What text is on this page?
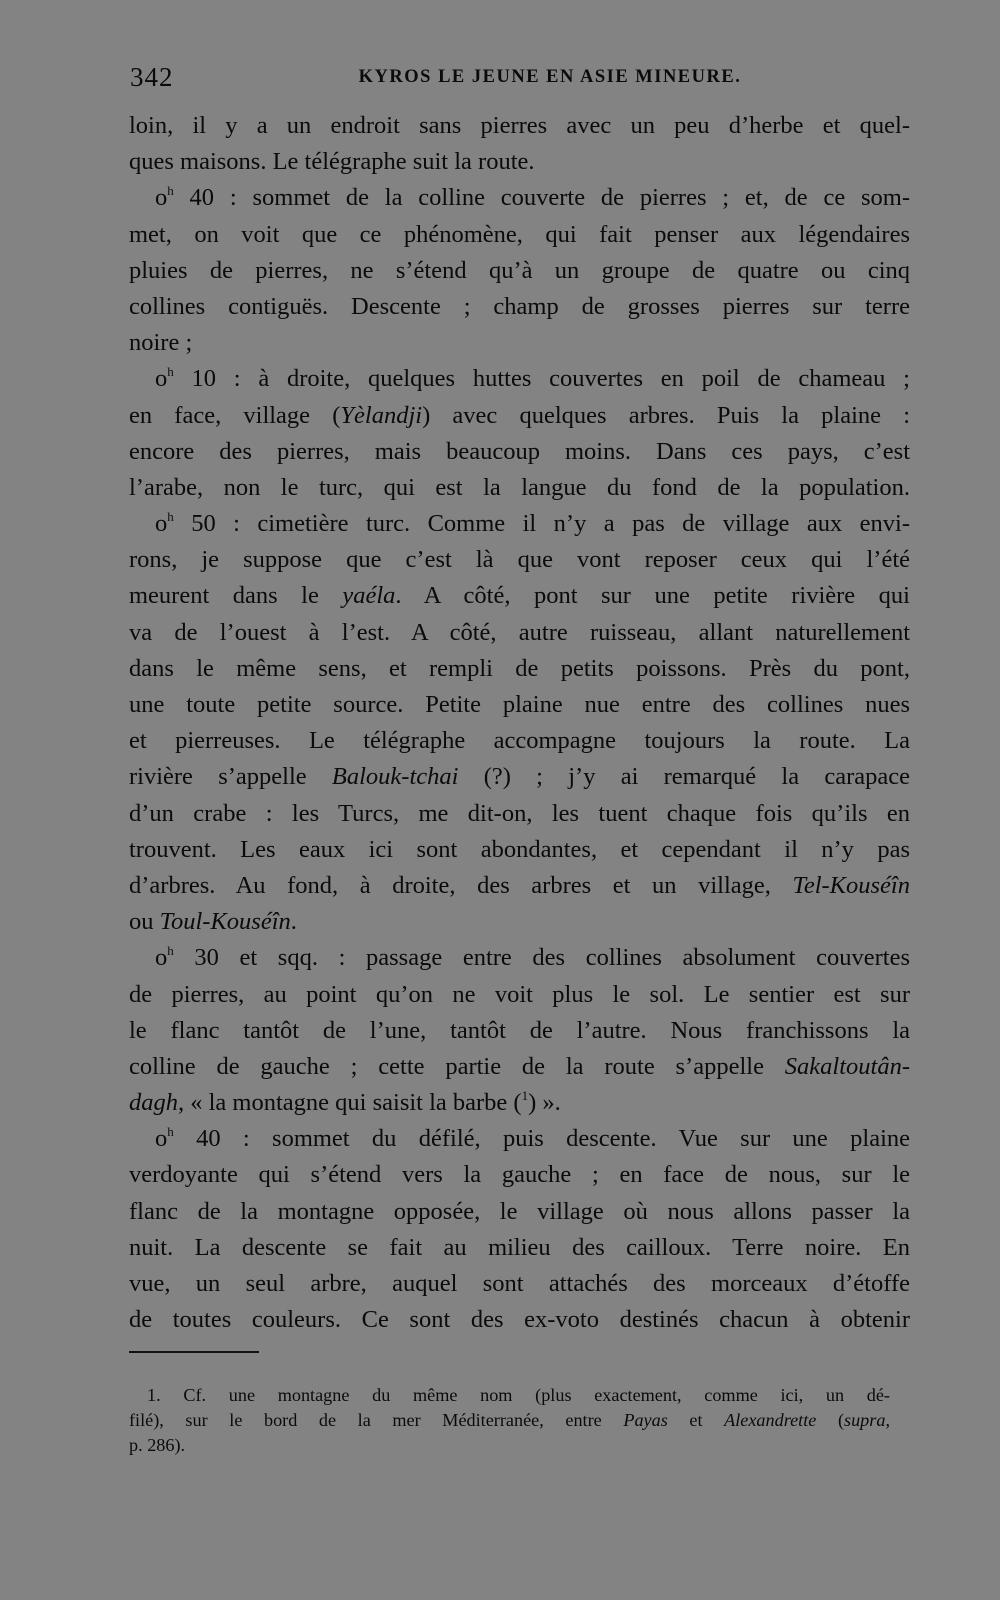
342	KYROS LE JEUNE EN ASIE MINEURE.
loin, il y a un endroit sans pierres avec un peu d’herbe et quel-
ques maisons. Le télégraphe suit la route.
$o^h$ 40 : sommet de la colline couverte de pierres ; et, de ce som-
met, on voit que ce phénomène, qui fait penser aux légendaires
pluies de pierres, ne s’étend qu’à un groupe de quatre ou cinq
collines contiguës. Descente ; champ de grosses pierres sur terre
noire ;
$o^h$ 10 : à droite, quelques huttes couvertes en poil de chameau ;
en face, village (Yèlandji) avec quelques arbres. Puis la plaine :
encore des pierres, mais beaucoup moins. Dans ces pays, c’est
l’arabe, non le turc, qui est la langue du fond de la population.
$o^h$ 50 : cimetière turc. Comme il n’y a pas de village aux envi-
rons, je suppose que c’est là que vont reposer ceux qui l’été
meurent dans le yaéla. A côté, pont sur une petite rivière qui
va de l’ouest à l’est. A côté, autre ruisseau, allant naturellement
dans le même sens, et rempli de petits poissons. Près du pont,
une toute petite source. Petite plaine nue entre des collines nues
et pierreuses. Le télégraphe accompagne toujours la route. La
rivière s’appelle Balouk-tchai (?) ; j’y ai remarqué la carapace
d’un crabe : les Turcs, me dit-on, les tuent chaque fois qu’ils en
trouvent. Les eaux ici sont abondantes, et cependant il n’y pas
d’arbres. Au fond, à droite, des arbres et un village, Tel-Kouséîn
ou Toul-Kouséîn.
$o^h$ 30 et sqq. : passage entre des collines absolument couvertes
de pierres, au point qu’on ne voit plus le sol. Le sentier est sur
le flanc tantôt de l’une, tantôt de l’autre. Nous franchissons la
colline de gauche ; cette partie de la route s’appelle Sakaltoutân-
dagh, « la montagne qui saisit la barbe ($^1$) ».
$o^h$ 40 : sommet du défilé, puis descente. Vue sur une plaine
verdoyante qui s’étend vers la gauche ; en face de nous, sur le
flanc de la montagne opposée, le village où nous allons passer la
nuit. La descente se fait au milieu des cailloux. Terre noire. En
vue, un seul arbre, auquel sont attachés des morceaux d’étoffe
de toutes couleurs. Ce sont des ex-voto destinés chacun à obtenir
1. Cf. une montagne du même nom (plus exactement, comme ici, un dé-
filé), sur le bord de la mer Méditerranée, entre Payas et Alexandrette (supra,
p. 286).
